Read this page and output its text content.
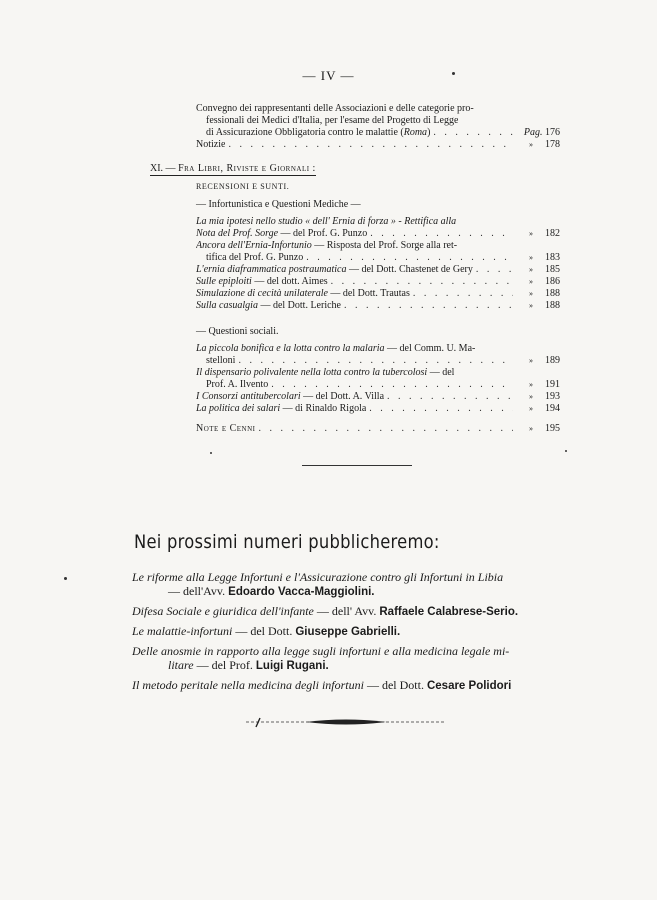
— IV —
Convegno dei rappresentanti delle Associazioni e delle categorie pro-
fessionali dei Medici d'Italia, per l'esame del Progetto di Legge
di Assicurazione Obbligatoria contro le malattie (Roma) . . .	Pag. 176
Notizie . . .	» 178
XI. — Fra Libri, Riviste e Giornali :
RECENSIONI E SUNTI.
— Infortunistica e Questioni Mediche —
La mia ipotesi nello studio « dell' Ernia di forza » - Rettifica alla
Nota del Prof. Sorge — del Prof. G. Punzo . . .	» 182
Ancora dell'Ernia-Infortunio — Risposta del Prof. Sorge alla ret-
tifica del Prof. G. Punzo . . .	» 183
L'ernia diaframmatica postraumatica — del Dott. Chastenet de Gery . . .	» 185
Sulle epiploiti — del dott. Aimes . . .	» 186
Simulazione di cecità unilaterale — del Dott. Trautas . . .	» 188
Sulla casualgia — del Dott. Leriche . . .	» 188
— Questioni sociali.
La piccola bonifica e la lotta contro la malaria — del Comm. U. Ma-
stelloni . . .	» 189
Il dispensario polivalente nella lotta contro la tubercolosi — del
Prof. A. Ilvento . . .	» 191
I Consorzi antitubercolari — del Dott. A. Villa . . .	» 193
La politica dei salari — di Rinaldo Rigola . . .	» 194
Note e Cenni . . .	» 195
Nei prossimi numeri pubblicheremo:
Le riforme alla Legge Infortuni e l'Assicurazione contro gli Infortuni in Libia
— dell'Avv. Edoardo Vacca-Maggiolini.
Difesa Sociale e giuridica dell'infante — dell' Avv. Raffaele Calabrese-Serio.
Le malattie-infortuni — del Dott. Giuseppe Gabrielli.
Delle anosmie in rapporto alla legge sugli infortuni e alla medicina legale mi-
litare — del Prof. Luigi Rugani.
Il metodo peritale nella medicina degli infortuni — del Dott. Cesare Polidori
